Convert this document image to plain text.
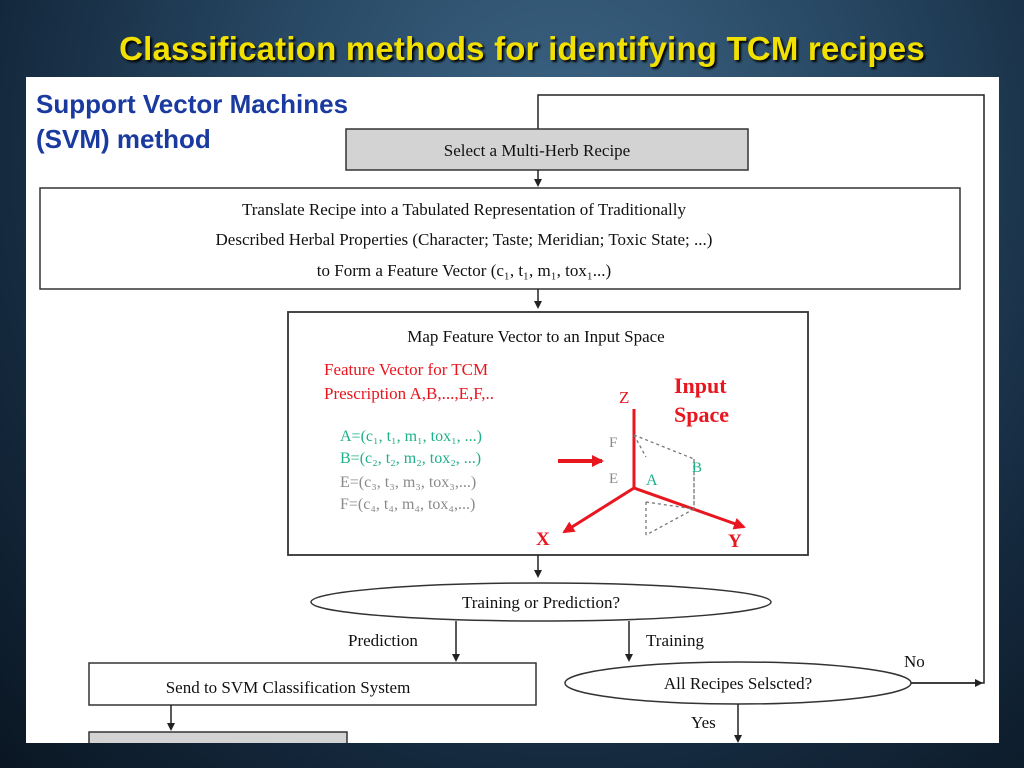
Classification methods for identifying TCM recipes
Select a Multi-Herb Recipe
Translate Recipe into a Tabulated Representation of Traditionally
Described Herbal Properties (Character; Taste; Meridian; Toxic State; ...)
to Form a Feature Vector (c₁, t₁, m₁, tox₁...)
Map Feature Vector to an Input Space
Feature Vector for TCM
Prescription A,B,...,E,F,..
A=(c₁, t₁, m₁, tox₁, ...)
B=(c₂, t₂, m₂, tox₂, ...)
E=(c₃, t₃, m₃, tox₃,...)
F=(c₄, t₄, m₄, tox₄,...)
Input
Space
Z
X	Y
F
E A
B
Training or Prediction?
Prediction	Training
Send to SVM Classification System	All Recipes Selscted?
No
Yes
Support Vector Machines
(SVM) method
